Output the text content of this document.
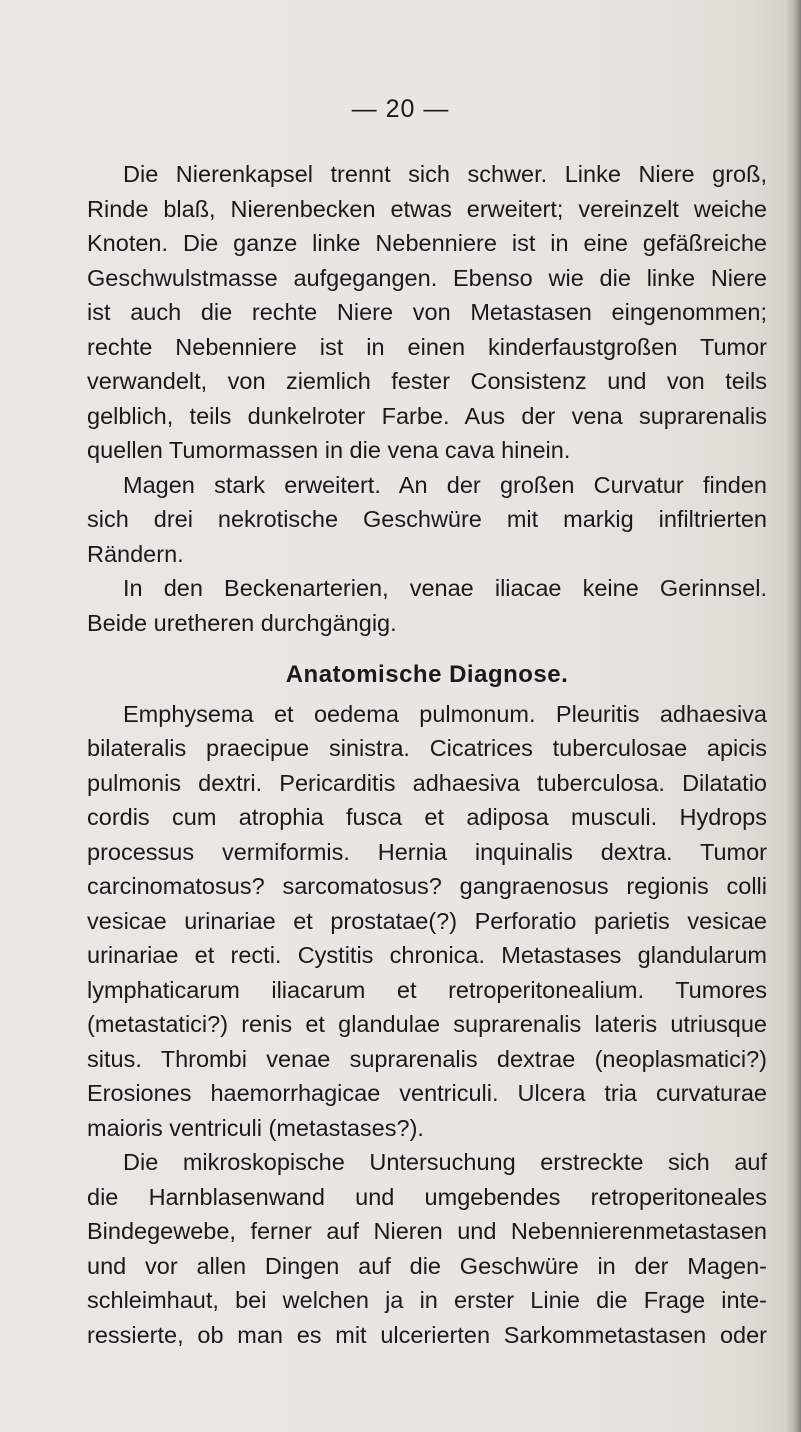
— 20 —
Die Nierenkapsel trennt sich schwer. Linke Niere groß,
Rinde blaß, Nierenbecken etwas erweitert; vereinzelt weiche
Knoten. Die ganze linke Nebenniere ist in eine gefäßreiche
Geschwulstmasse aufgegangen. Ebenso wie die linke Niere
ist auch die rechte Niere von Metastasen eingenommen;
rechte Nebenniere ist in einen kinderfaustgroßen Tumor
verwandelt, von ziemlich fester Consistenz und von teils
gelblich, teils dunkelroter Farbe. Aus der vena suprarenalis
quellen Tumormassen in die vena cava hinein.
Magen stark erweitert. An der großen Curvatur finden
sich drei nekrotische Geschwüre mit markig infiltrierten
Rändern.
In den Beckenarterien, venae iliacae keine Gerinnsel.
Beide uretheren durchgängig.
Anatomische Diagnose.
Emphysema et oedema pulmonum. Pleuritis adhaesiva
bilateralis praecipue sinistra. Cicatrices tuberculosae apicis
pulmonis dextri. Pericarditis adhaesiva tuberculosa. Dilatatio
cordis cum atrophia fusca et adiposa musculi. Hydrops
processus vermiformis. Hernia inquinalis dextra. Tumor
carcinomatosus? sarcomatosus? gangraenosus regionis colli
vesicae urinariae et prostatae(?) Perforatio parietis vesicae
urinariae et recti. Cystitis chronica. Metastases glandularum
lymphaticarum iliacarum et retroperitonealium. Tumores
(metastatici?) renis et glandulae suprarenalis lateris utriusque
situs. Thrombi venae suprarenalis dextrae (neoplasmatici?)
Erosiones haemorrhagicae ventriculi. Ulcera tria curvaturae
maioris ventriculi (metastases?).
Die mikroskopische Untersuchung erstreckte sich auf
die Harnblasenwand und umgebendes retroperitoneales
Bindegewebe, ferner auf Nieren und Nebennierenmetastasen
und vor allen Dingen auf die Geschwüre in der Magen-
schleimhaut, bei welchen ja in erster Linie die Frage inte-
ressierte, ob man es mit ulcerierten Sarkommetastasen oder
